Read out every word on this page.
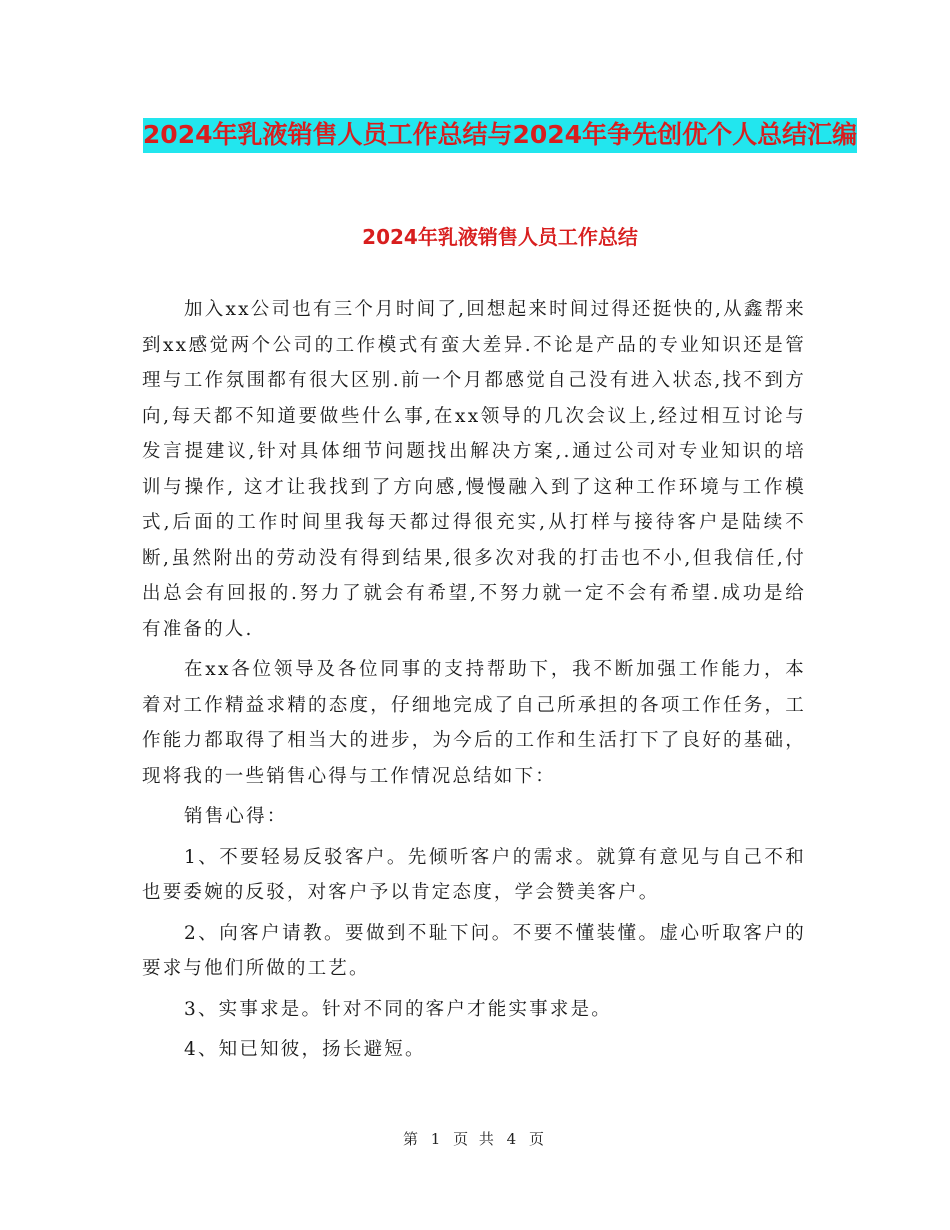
2024年乳液销售人员工作总结与2024年争先创优个人总结汇编
2024年乳液销售人员工作总结

加入xx公司也有三个月时间了,回想起来时间过得还挺快的,从鑫帮来到xx感觉两个公司的工作模式有蛮大差异.不论是产品的专业知识还是管理与工作氛围都有很大区别.前一个月都感觉自己没有进入状态,找不到方向,每天都不知道要做些什么事,在xx领导的几次会议上,经过相互讨论与发言提建议,针对具体细节问题找出解决方案,.通过公司对专业知识的培训与操作, 这才让我找到了方向感,慢慢融入到了这种工作环境与工作模式,后面的工作时间里我每天都过得很充实,从打样与接待客户是陆续不断,虽然附出的劳动没有得到结果,很多次对我的打击也不小,但我信任,付出总会有回报的.努力了就会有希望,不努力就一定不会有希望.成功是给有准备的人.

在xx各位领导及各位同事的支持帮助下，我不断加强工作能力，本着对工作精益求精的态度，仔细地完成了自己所承担的各项工作任务，工作能力都取得了相当大的进步，为今后的工作和生活打下了良好的基础，现将我的一些销售心得与工作情况总结如下：

销售心得：

1、不要轻易反驳客户。先倾听客户的需求。就算有意见与自己不和也要委婉的反驳，对客户予以肯定态度，学会赞美客户。

2、向客户请教。要做到不耻下问。不要不懂装懂。虚心听取客户的要求与他们所做的工艺。

3、实事求是。针对不同的客户才能实事求是。

4、知已知彼，扬长避短。

第 1 页 共 4 页
